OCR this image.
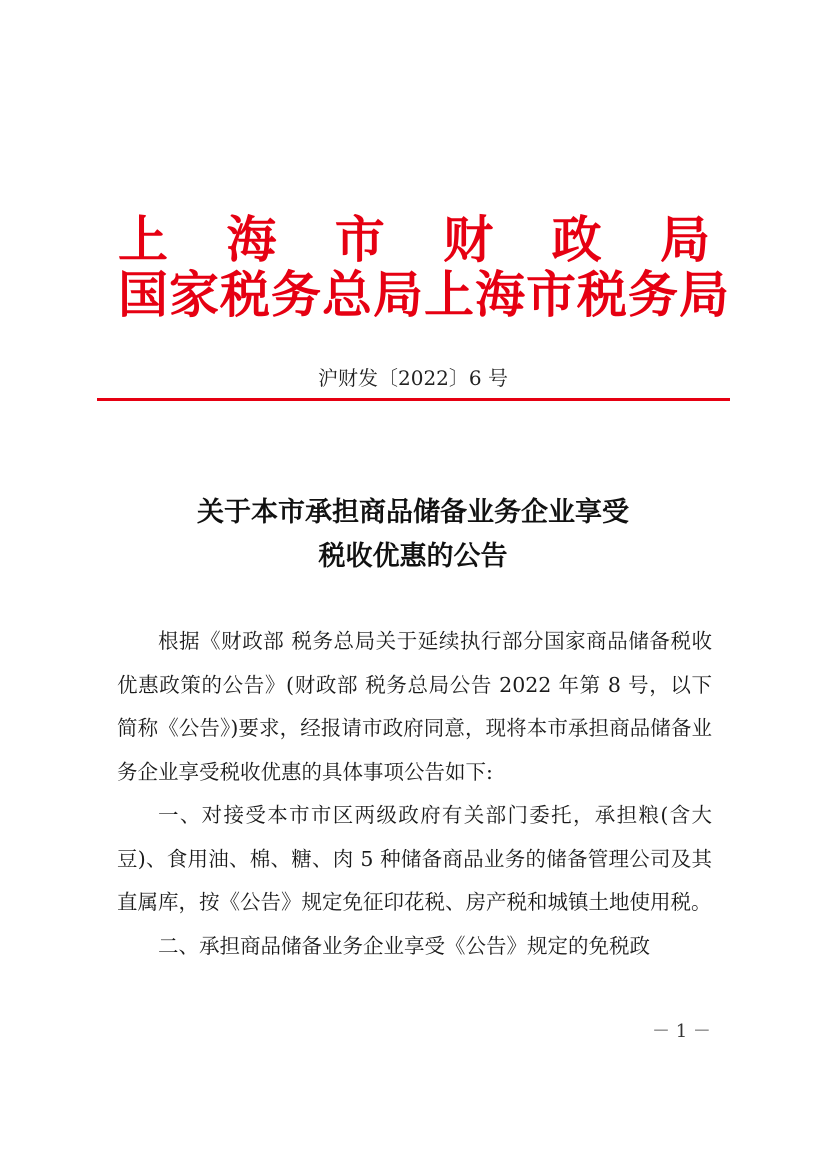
上 海 市 财 政 局
国家税务总局上海市税务局
沪财发〔2022〕6 号
关于本市承担商品储备业务企业享受
税收优惠的公告

根据《财政部 税务总局关于延续执行部分国家商品储备税收优惠政策的公告》(财政部 税务总局公告 2022 年第 8 号，以下简称《公告》)要求，经报请市政府同意，现将本市承担商品储备业务企业享受税收优惠的具体事项公告如下:

一、对接受本市市区两级政府有关部门委托，承担粮(含大豆)、食用油、棉、糖、肉 5 种储备商品业务的储备管理公司及其直属库，按《公告》规定免征印花税、房产税和城镇土地使用税。

二、承担商品储备业务企业享受《公告》规定的免税政

－ 1 －
